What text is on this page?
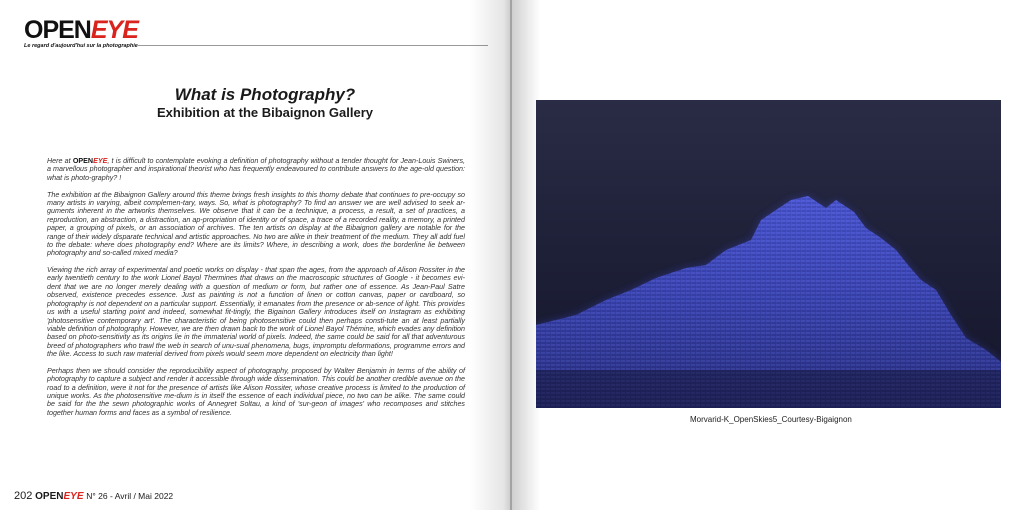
OPENEYE
Le regard d'aujourd'hui sur la photographie
What is Photography?
Exhibition at the Bibaignon Gallery

Here at OPENEYE, t is difficult to contemplate evoking a definition of photography without a tender thought for Jean-Louis Swiners, a marvellous photographer and inspirational theorist who has frequently endeavoured to contribute answers to the age-old question: what is photo-graphy? !

The exhibition at the Bibaignon Gallery around this theme brings fresh insights to this thorny debate that continues to pre-occupy so many artists in varying, albeit complemen-tary, ways. So, what is photography? To find an answer we are well advised to seek ar-guments inherent in the artworks themselves. We observe that it can be a technique, a process, a result, a set of practices, a reproduction, an abstraction, a distraction, an ap-propriation of identity or of space, a trace of a recorded reality, a memory, a printed paper, a grouping of pixels, or an association of archives. The ten artists on display at the Bibaignon gallery are notable for the range of their widely disparate technical and artistic approaches. No two are alike in their treatment of the medium. They all add fuel to the debate: where does photography end? Where are its limits? Where, in describing a work, does the borderline lie between photography and so-called mixed media?

Viewing the rich array of experimental and poetic works on display - that span the ages, from the approach of Alison Rossiter in the early twentieth century to the work Lionel Bayol Thermines that draws on the macroscopic structures of Google - it becomes evi-dent that we are no longer merely dealing with a question of medium or form, but rather one of essence. As Jean-Paul Satre observed, existence precedes essence. Just as painting is not a function of linen or cotton canvas, paper or cardboard, so photography is not dependent on a particular support. Essentially, it emanates from the presence or ab-sence of light. This provides us with a useful starting point and indeed, somewhat fit-tingly, the Bigainon Gallery introduces itself on Instagram as exhibiting 'photosensitive contemporary art'. The characteristic of being photosensitive could then perhaps consti-tute an at least partially viable definition of photography. However, we are then drawn back to the work of Lionel Bayol Thémine, which evades any definition based on photo-sensitivity as its origins lie in the immaterial world of pixels. Indeed, the same could be said for all that adventurous breed of photographers who trawl the web in search of unu-sual phenomena, bugs, impromptu deformations, programme errors and the like. Access to such raw material derived from pixels would seem more dependent on electricity than light!

Perhaps then we should consider the reproducibility aspect of photography, proposed by Walter Benjamin in terms of the ability of photography to capture a subject and render it accessible through wide dissemination. This could be another credible avenue on the road to a definition, were it not for the presence of artists like Alison Rossiter, whose creative process is limited to the production of unique works. As the photosensitive me-dium is in itself the essence of each individual piece, no two can be alike. The same could be said for the the sewn photographic works of Annegret Soltau, a kind of 'sur-geon of images' who recomposes and stitches together human forms and faces as a symbol of resilience.

202 OPENEYE N° 26 - Avril / Mai 2022
Morvarid-K_OpenSkies5_Courtesy-Bigaignon
